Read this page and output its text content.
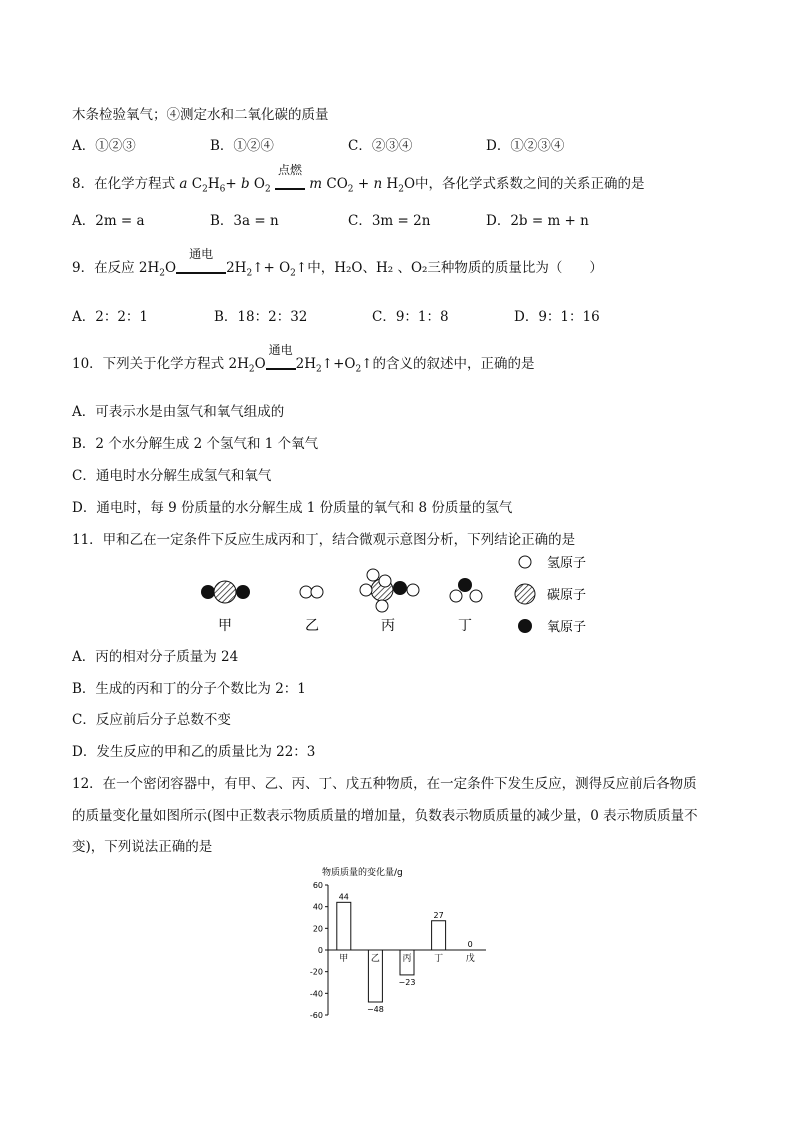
木条检验氧气；④测定水和二氧化碳的质量
A．①②③	B．①②④	C．②③④	D．①②③④
8．在化学方程式 a $C_2H_6+ b$ $O_2$
点燃
m $CO_2 + n$ $H_2O$中，各化学式系数之间的关系正确的是
A．2m = a	B．3a = n	C．3m = 2n	D．2b = m + n
9．在反应 $2H_2O$
通电
$2H_2↑+$ $O_2↑$中，H₂O、H₂ 、O₂三种物质的质量比为（　　）
A．2：2：1	B．18：2：32	C．9：1：8	D．9：1：16
10．下列关于化学方程式 $2H_2O$
通电
$2H_2↑+O_2↑$的含义的叙述中，正确的是
A．可表示水是由氢气和氧气组成的
B．2 个水分解生成 2 个氢气和 1 个氧气
C．通电时水分解生成氢气和氧气
D．通电时，每 9 份质量的水分解生成 1 份质量的氧气和 8 份质量的氢气
11．甲和乙在一定条件下反应生成丙和丁，结合微观示意图分析，下列结论正确的是
甲	乙	丙	丁
氢原子
碳原子
氧原子
A．丙的相对分子质量为 24
B．生成的丙和丁的分子个数比为 2：1
C．反应前后分子总数不变
D．发生反应的甲和乙的质量比为 22：3
12．在一个密闭容器中，有甲、乙、丙、丁、戊五种物质，在一定条件下发生反应，测得反应前后各物质
的质量变化量如图所示(图中正数表示物质质量的增加量，负数表示物质质量的减少量，0 表示物质质量不
变)，下列说法正确的是
物质质量的变化量/g
60
40
20
0
-20
-40
-60
甲
44
乙
−48
丙
−23
丁
27
戊
0
